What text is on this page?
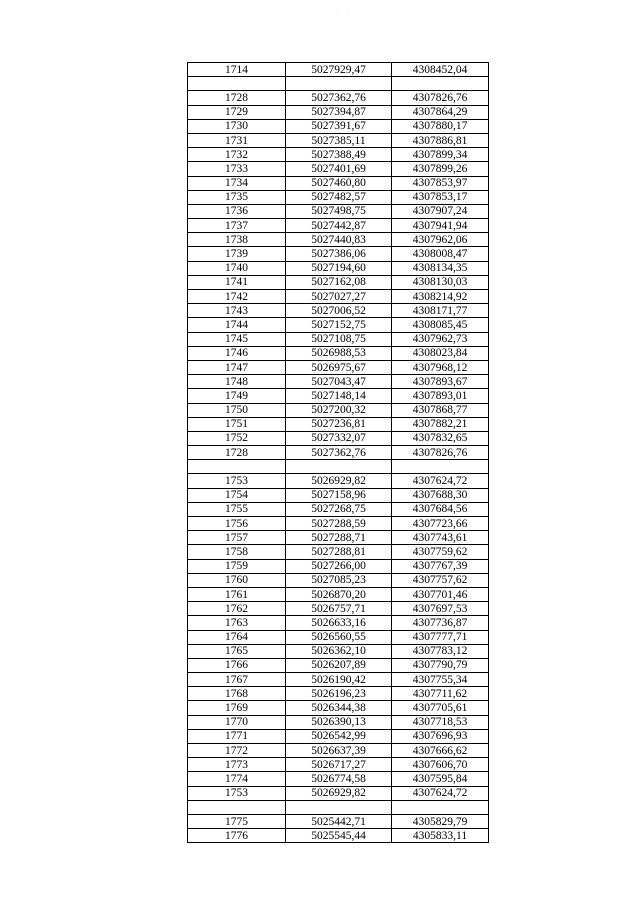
. .
1714	5027929,47	4308452,04

1728	5027362,76	4307826,76
1729	5027394,87	4307864,29
1730	5027391,67	4307880,17
1731	5027385,11	4307886,81
1732	5027388,49	4307899,34
1733	5027401,69	4307899,26
1734	5027460,80	4307853,97
1735	5027482,57	4307853,17
1736	5027498,75	4307907,24
1737	5027442,87	4307941,94
1738	5027440,83	4307962,06
1739	5027386,06	4308008,47
1740	5027194,60	4308134,35
1741	5027162,08	4308130,03
1742	5027027,27	4308214,92
1743	5027006,52	4308171,77
1744	5027152,75	4308085,45
1745	5027108,75	4307962,73
1746	5026988,53	4308023,84
1747	5026975,67	4307968,12
1748	5027043,47	4307893,67
1749	5027148,14	4307893,01
1750	5027200,32	4307868,77
1751	5027236,81	4307882,21
1752	5027332,07	4307832,65
1728	5027362,76	4307826,76

1753	5026929,82	4307624,72
1754	5027158,96	4307688,30
1755	5027268,75	4307684,56
1756	5027288,59	4307723,66
1757	5027288,71	4307743,61
1758	5027288,81	4307759,62
1759	5027266,00	4307767,39
1760	5027085,23	4307757,62
1761	5026870,20	4307701,46
1762	5026757,71	4307697,53
1763	5026633,16	4307736,87
1764	5026560,55	4307777,71
1765	5026362,10	4307783,12
1766	5026207,89	4307790,79
1767	5026190,42	4307755,34
1768	5026196,23	4307711,62
1769	5026344,38	4307705,61
1770	5026390,13	4307718,53
1771	5026542,99	4307696,93
1772	5026637,39	4307666,62
1773	5026717,27	4307606,70
1774	5026774,58	4307595,84
1753	5026929,82	4307624,72

1775	5025442,71	4305829,79
1776	5025545,44	4305833,11
